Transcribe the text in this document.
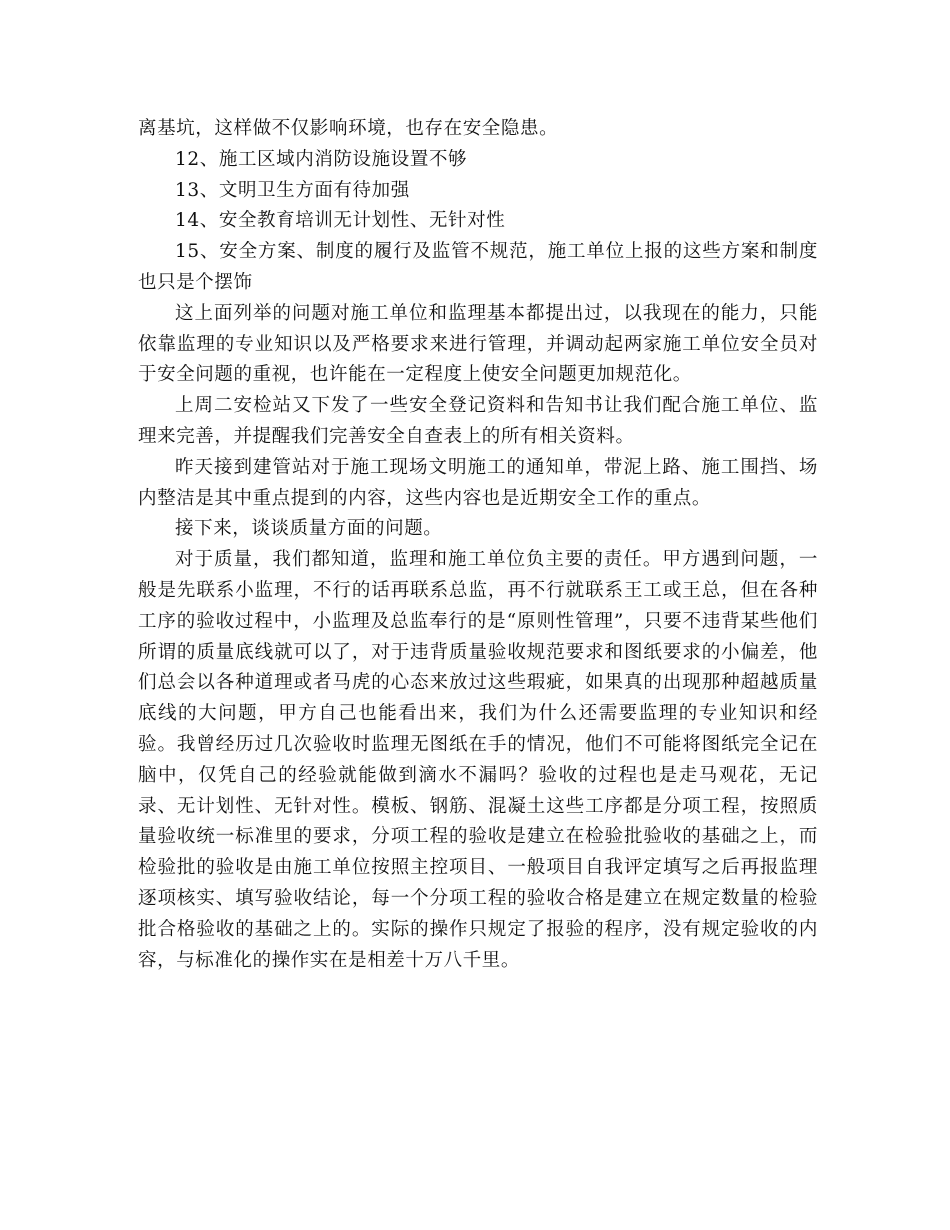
离基坑，这样做不仅影响环境，也存在安全隐患。

12、施工区域内消防设施设置不够

13、文明卫生方面有待加强

14、安全教育培训无计划性、无针对性

15、安全方案、制度的履行及监管不规范，施工单位上报的这些方案和制度也只是个摆饰

这上面列举的问题对施工单位和监理基本都提出过，以我现在的能力，只能依靠监理的专业知识以及严格要求来进行管理，并调动起两家施工单位安全员对于安全问题的重视，也许能在一定程度上使安全问题更加规范化。

上周二安检站又下发了一些安全登记资料和告知书让我们配合施工单位、监理来完善，并提醒我们完善安全自查表上的所有相关资料。

昨天接到建管站对于施工现场文明施工的通知单，带泥上路、施工围挡、场内整洁是其中重点提到的内容，这些内容也是近期安全工作的重点。

接下来，谈谈质量方面的问题。

对于质量，我们都知道，监理和施工单位负主要的责任。甲方遇到问题，一般是先联系小监理，不行的话再联系总监，再不行就联系王工或王总，但在各种工序的验收过程中，小监理及总监奉行的是“原则性管理”，只要不违背某些他们所谓的质量底线就可以了，对于违背质量验收规范要求和图纸要求的小偏差，他们总会以各种道理或者马虎的心态来放过这些瑕疵，如果真的出现那种超越质量底线的大问题，甲方自己也能看出来，我们为什么还需要监理的专业知识和经验。我曾经历过几次验收时监理无图纸在手的情况，他们不可能将图纸完全记在脑中，仅凭自己的经验就能做到滴水不漏吗？验收的过程也是走马观花，无记录、无计划性、无针对性。模板、钢筋、混凝土这些工序都是分项工程，按照质量验收统一标准里的要求，分项工程的验收是建立在检验批验收的基础之上，而检验批的验收是由施工单位按照主控项目、一般项目自我评定填写之后再报监理逐项核实、填写验收结论，每一个分项工程的验收合格是建立在规定数量的检验批合格验收的基础之上的。实际的操作只规定了报验的程序，没有规定验收的内容，与标准化的操作实在是相差十万八千里。
